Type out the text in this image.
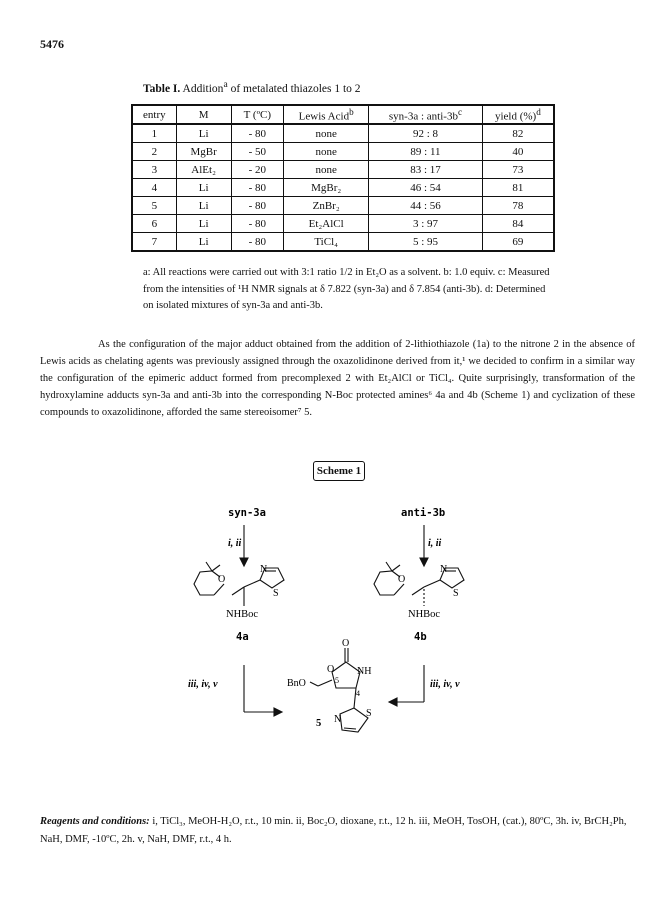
5476
Table I. Addition$^a$ of metalated thiazoles 1 to 2
entry	M	T (ºC)	Lewis Acid$^b$	syn-3a : anti-$3b^c$	yield (%)$^d$
1	Li	- 80	none	92 : 8	82
2	MgBr	- 50	none	89 : 11	40
3	AlEt₂	- 20	none	83 : 17	73
4	Li	- 80	MgBr₂	46 : 54	81
5	Li	- 80	ZnBr₂	44 : 56	78
6	Li	- 80	Et₂AlCl	3 : 97	84
7	Li	- 80	TiCl₄	5 : 95	69
a: All reactions were carried out with 3:1 ratio 1/2 in Et₂O as a solvent. b: 1.0 equiv. c: Measured from the intensities of ¹H NMR signals at δ 7.822 (syn-3a) and δ 7.854 (anti-3b). d: Determined on isolated mixtures of syn-3a and anti-3b.
As the configuration of the major adduct obtained from the addition of 2-lithiothiazole (1a) to the nitrone 2 in the absence of Lewis acids as chelating agents was previously assigned through the oxazolidinone derived from it,¹ we decided to confirm in a similar way the configuration of the epimeric adduct formed from precomplexed 2 with Et₂AlCl or TiCl₄. Quite surprisingly, transformation of the hydroxylamine adducts syn-3a and anti-3b into the corresponding N-Boc protected amines⁶ 4a and 4b (Scheme 1) and cyclization of these compounds to oxazolidinone, afforded the same stereoisomer⁷ 5.
Scheme 1
syn-3a	anti-3b
i, ii	i, ii
O
N
S
NHBoc
4a
O
N
S
NHBoc
4b
iii, iv, v	iii, iv, v
O
O NH
BnO	5
4
5 N
S
Reagents and conditions: i, TiCl₃, MeOH-H₂O, r.t., 10 min. ii, Boc₂O, dioxane, r.t., 12 h. iii, MeOH, TosOH, (cat.), 80ºC, 3h. iv, BrCH₂Ph, NaH, DMF, -10ºC, 2h. v, NaH, DMF, r.t., 4 h.
